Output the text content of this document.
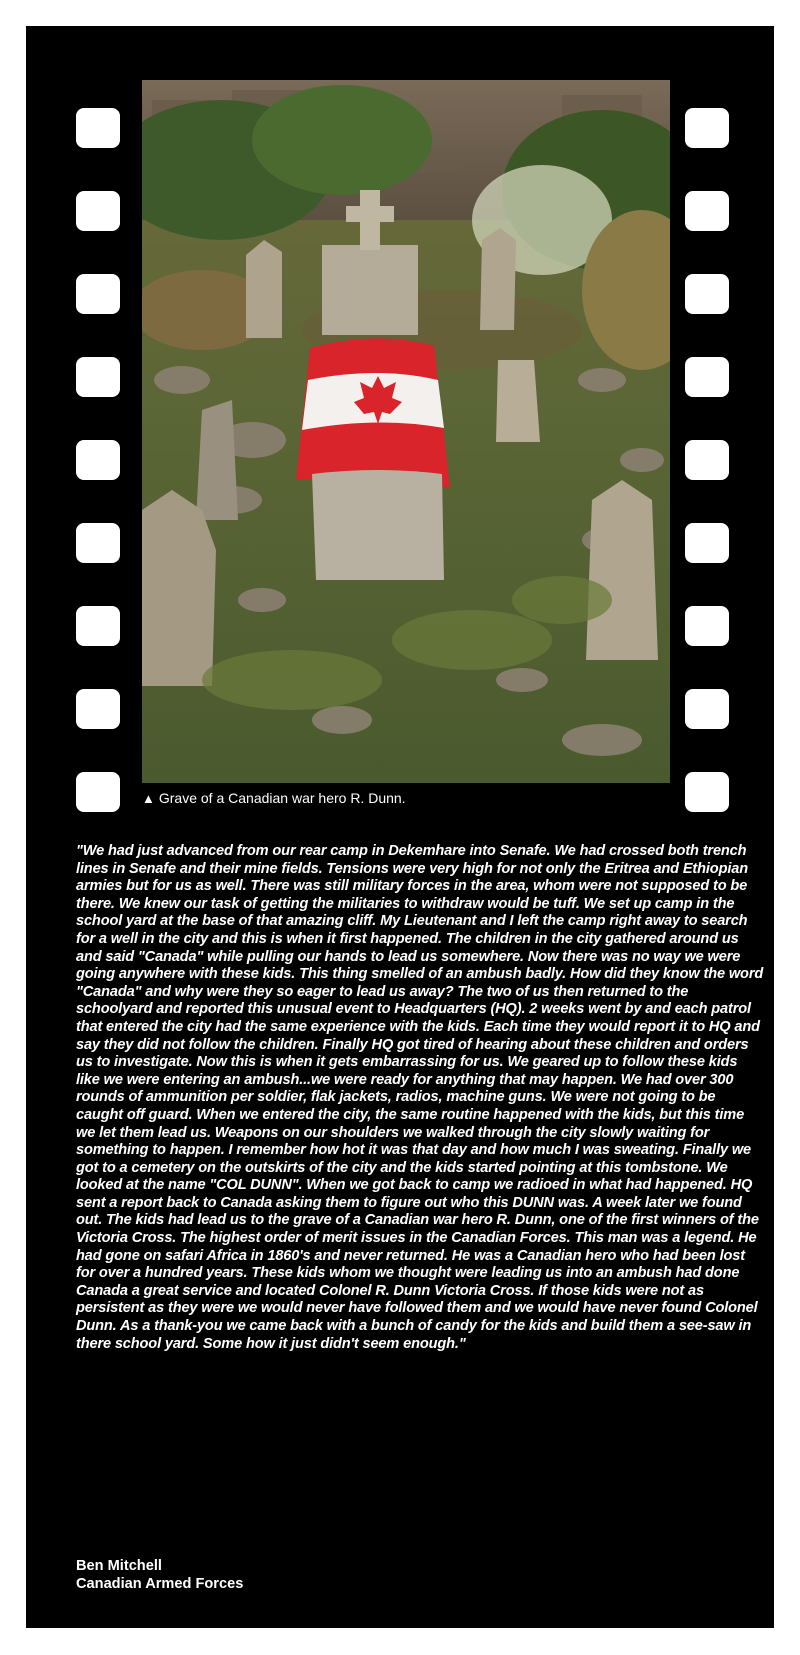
▲ Grave of a Canadian war hero R. Dunn.

"We had just advanced from our rear camp in Dekemhare into Senafe. We had crossed both trench lines in Senafe and their mine fields. Tensions were very high for not only the Eritrea and Ethiopian armies but for us as well. There was still military forces in the area, whom were not supposed to be there. We knew our task of getting the militaries to withdraw would be tuff. We set up camp in the school yard at the base of that amazing cliff. My Lieutenant and I left the camp right away to search for a well in the city and this is when it first happened. The children in the city gathered around us and said "Canada" while pulling our hands to lead us somewhere. Now there was no way we were going anywhere with these kids. This thing smelled of an ambush badly. How did they know the word "Canada" and why were they so eager to lead us away? The two of us then returned to the schoolyard and reported this unusual event to Headquarters (HQ). 2 weeks went by and each patrol that entered the city had the same experience with the kids. Each time they would report it to HQ and say they did not follow the children. Finally HQ got tired of hearing about these children and orders us to investigate. Now this is when it gets embarrassing for us. We geared up to follow these kids like we were entering an ambush...we were ready for anything that may happen. We had over 300 rounds of ammunition per soldier, flak jackets, radios, machine guns. We were not going to be caught off guard. When we entered the city, the same routine happened with the kids, but this time we let them lead us. Weapons on our shoulders we walked through the city slowly waiting for something to happen. I remember how hot it was that day and how much I was sweating. Finally we got to a cemetery on the outskirts of the city and the kids started pointing at this tombstone. We looked at the name "COL DUNN". When we got back to camp we radioed in what had happened. HQ sent a report back to Canada asking them to figure out who this DUNN was. A week later we found out. The kids had lead us to the grave of a Canadian war hero R. Dunn, one of the first winners of the Victoria Cross. The highest order of merit issues in the Canadian Forces. This man was a legend. He had gone on safari Africa in 1860's and never returned. He was a Canadian hero who had been lost for over a hundred years. These kids whom we thought were leading us into an ambush had done Canada a great service and located Colonel R. Dunn Victoria Cross. If those kids were not as persistent as they were we would never have followed them and we would have never found Colonel Dunn. As a thank-you we came back with a bunch of candy for the kids and build them a see-saw in there school yard. Some how it just didn't seem enough."

Ben Mitchell
Canadian Armed Forces
